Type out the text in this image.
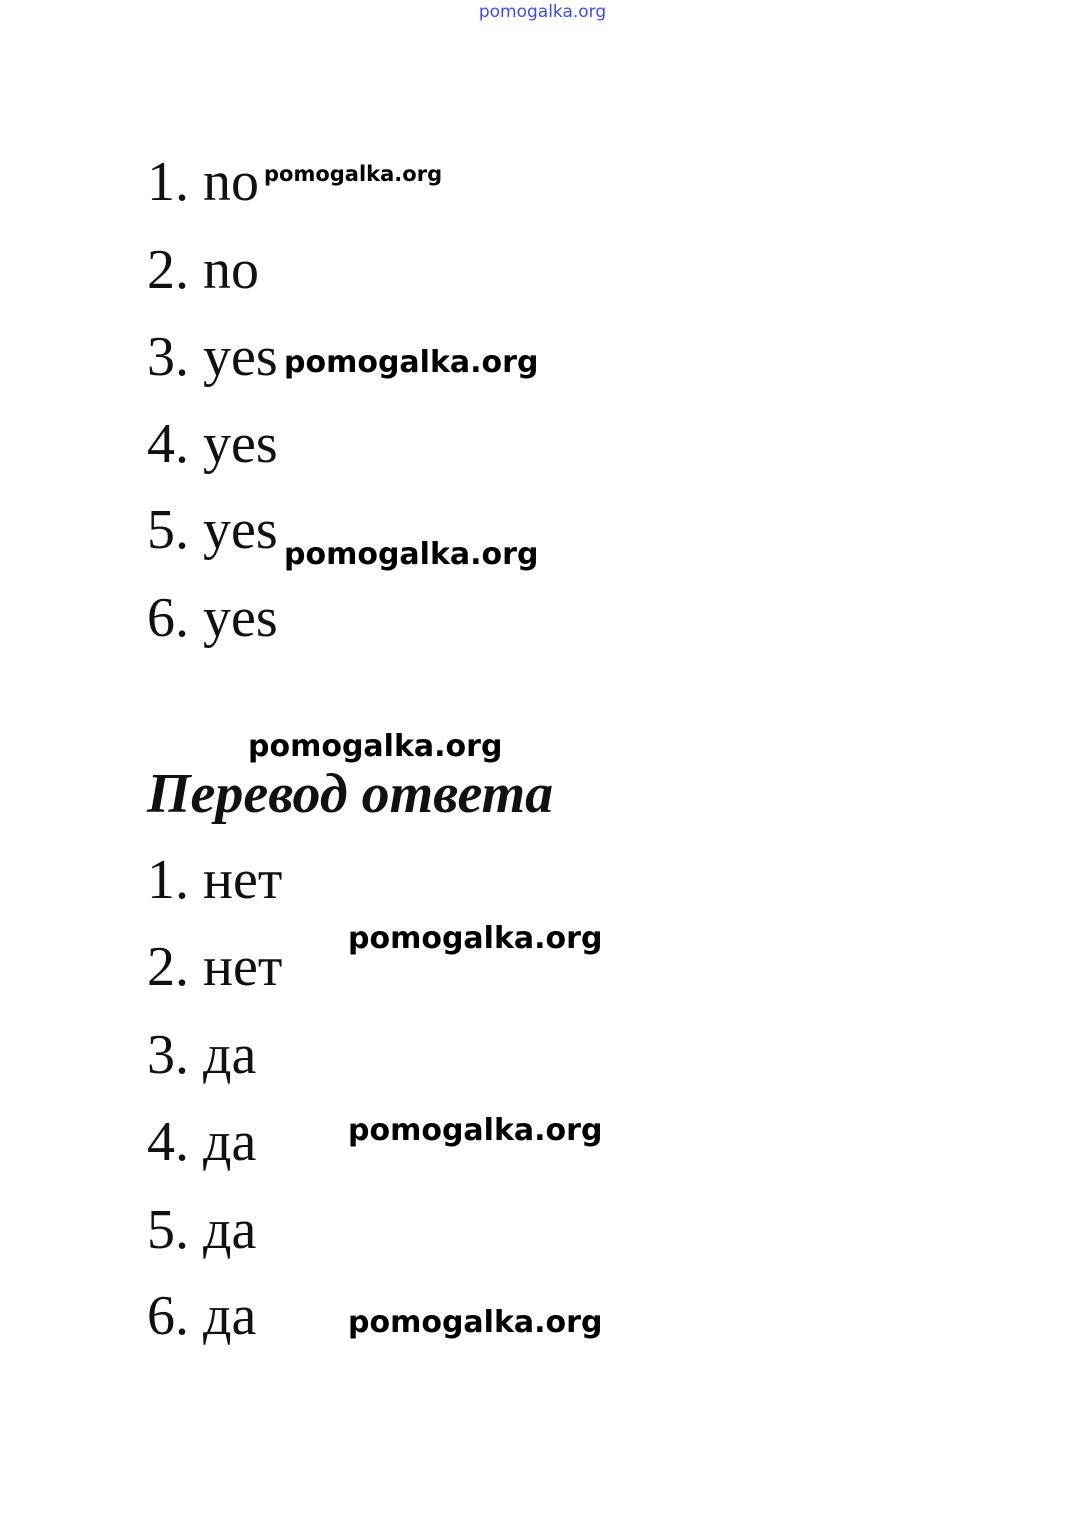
pomogalka.org
1. no
2. no
3. yes
4. yes
5. yes
6. yes
Перевод ответа
1. нет
2. нет
3. да
4. да
5. да
6. да
pomogalka.org
pomogalka.org
pomogalka.org
pomogalka.org
pomogalka.org
pomogalka.org
pomogalka.org
